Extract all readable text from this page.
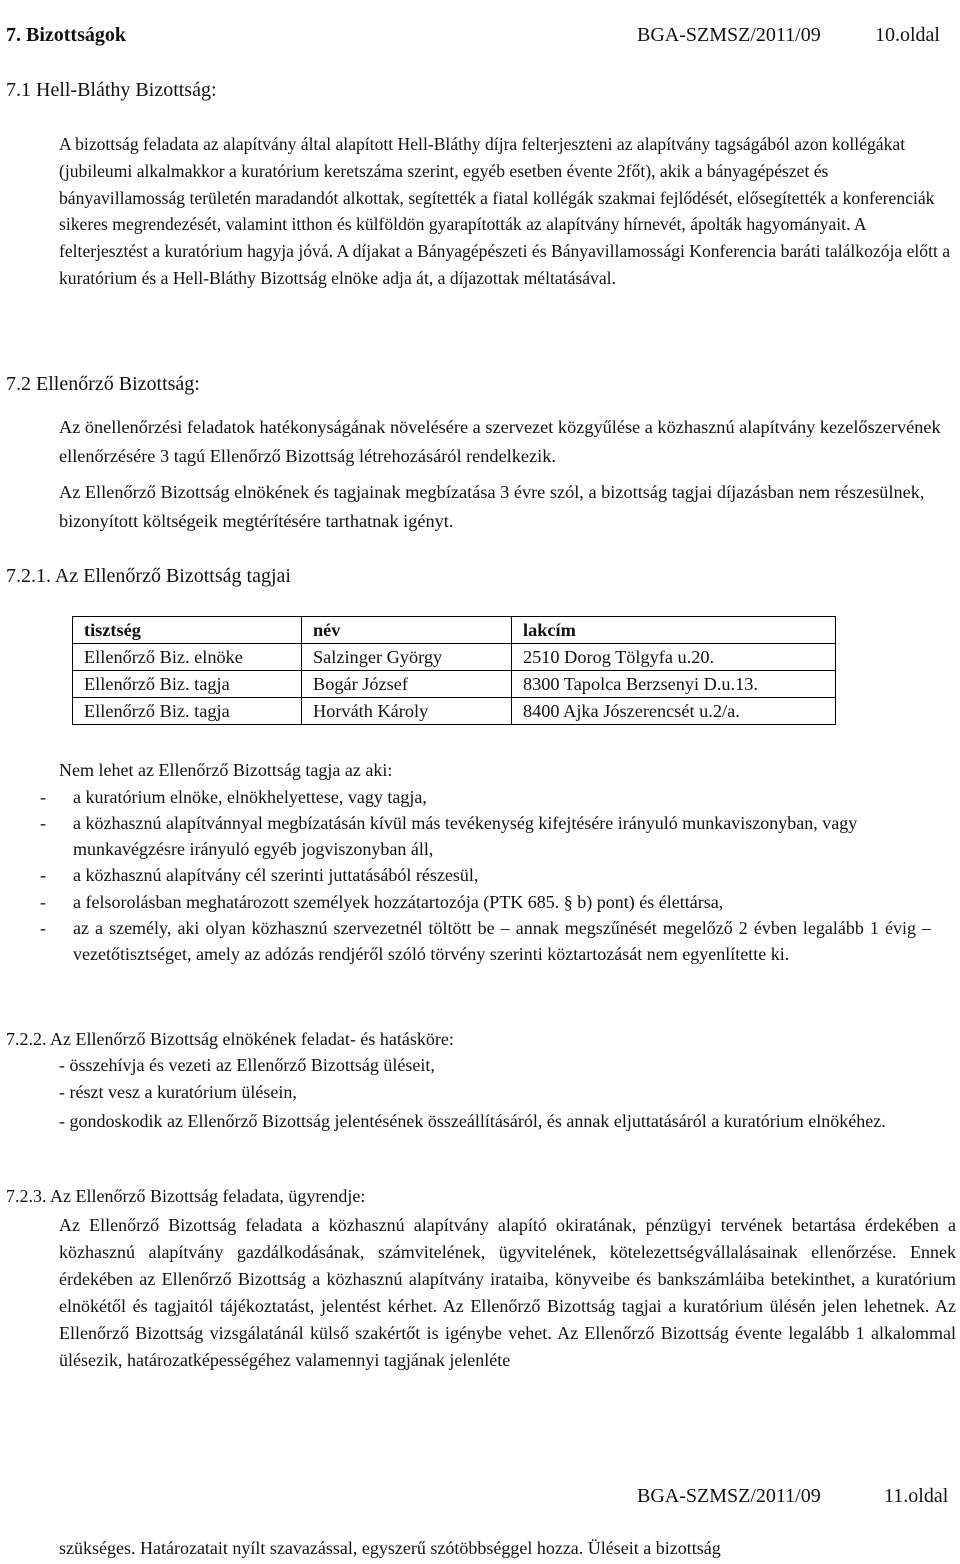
7. Bizottságok	BGA-SZMSZ/2011/09	10.oldal
7.1 Hell-Bláthy Bizottság:

A bizottság feladata az alapítvány által alapított Hell-Bláthy díjra felterjeszteni az alapítvány tagságából azon kollégákat (jubileumi alkalmakkor a kuratórium keretszáma szerint, egyéb esetben évente 2főt), akik a bányagépészet és bányavillamosság területén maradandót alkottak, segítették a fiatal kollégák szakmai fejlődését, elősegítették a konferenciák sikeres megrendezését, valamint itthon és külföldön gyarapították az alapítvány hírnevét, ápolták hagyományait. A felterjesztést a kuratórium hagyja jóvá. A díjakat a Bányagépészeti és Bányavillamossági Konferencia baráti találkozója előtt a kuratórium és a Hell-Bláthy Bizottság elnöke adja át, a díjazottak méltatásával.

7.2 Ellenőrző Bizottság:

Az önellenőrzési feladatok hatékonyságának növelésére a szervezet közgyűlése a közhasznú alapítvány kezelőszervének ellenőrzésére 3 tagú Ellenőrző Bizottság létrehozásáról rendelkezik.

Az Ellenőrző Bizottság elnökének és tagjainak megbízatása 3 évre szól, a bizottság tagjai díjazásban nem részesülnek, bizonyított költségeik megtérítésére tarthatnak igényt.

7.2.1. Az Ellenőrző Bizottság tagjai
tisztség	név	lakcím
Ellenőrző Biz. elnöke	Salzinger György	2510 Dorog Tölgyfa u.20.
Ellenőrző Biz. tagja	Bogár József	8300 Tapolca Berzsenyi D.u.13.
Ellenőrző Biz. tagja	Horváth Károly	8400 Ajka Jószerencsét u.2/a.
Nem lehet az Ellenőrző Bizottság tagja az aki:
- a kuratórium elnöke, elnökhelyettese, vagy tagja,
- a közhasznú alapítvánnyal megbízatásán kívül más tevékenység kifejtésére irányuló munkaviszonyban, vagy munkavégzésre irányuló egyéb jogviszonyban áll,
- a közhasznú alapítvány cél szerinti juttatásából részesül,
- a felsorolásban meghatározott személyek hozzátartozója (PTK 685. § b) pont) és élettársa,
- az a személy, aki olyan közhasznú szervezetnél töltött be – annak megszűnését megelőző 2 évben legalább 1 évig – vezetőtisztséget, amely az adózás rendjéről szóló törvény szerinti köztartozását nem egyenlítette ki.
7.2.2. Az Ellenőrző Bizottság elnökének feladat- és hatásköre:
- összehívja és vezeti az Ellenőrző Bizottság üléseit,
- részt vesz a kuratórium ülésein,

- gondoskodik az Ellenőrző Bizottság jelentésének összeállításáról, és annak eljuttatásáról a kuratórium elnökéhez.

7.2.3. Az Ellenőrző Bizottság feladata, ügyrendje:

Az Ellenőrző Bizottság feladata a közhasznú alapítvány alapító okiratának, pénzügyi tervének betartása érdekében a közhasznú alapítvány gazdálkodásának, számvitelének, ügyvitelének, kötelezettségvállalásainak ellenőrzése. Ennek érdekében az Ellenőrző Bizottság a közhasznú alapítvány irataiba, könyveibe és bankszámláiba betekinthet, a kuratórium elnökétől és tagjaitól tájékoztatást, jelentést kérhet. Az Ellenőrző Bizottság tagjai a kuratórium ülésén jelen lehetnek. Az Ellenőrző Bizottság vizsgálatánál külső szakértőt is igénybe vehet. Az Ellenőrző Bizottság évente legalább 1 alkalommal ülésezik, határozatképességéhez valamennyi tagjának jelenléte

BGA-SZMSZ/2011/09	11.oldal
szükséges. Határozatait nyílt szavazással, egyszerű szótöbbséggel hozza. Üléseit a bizottság
